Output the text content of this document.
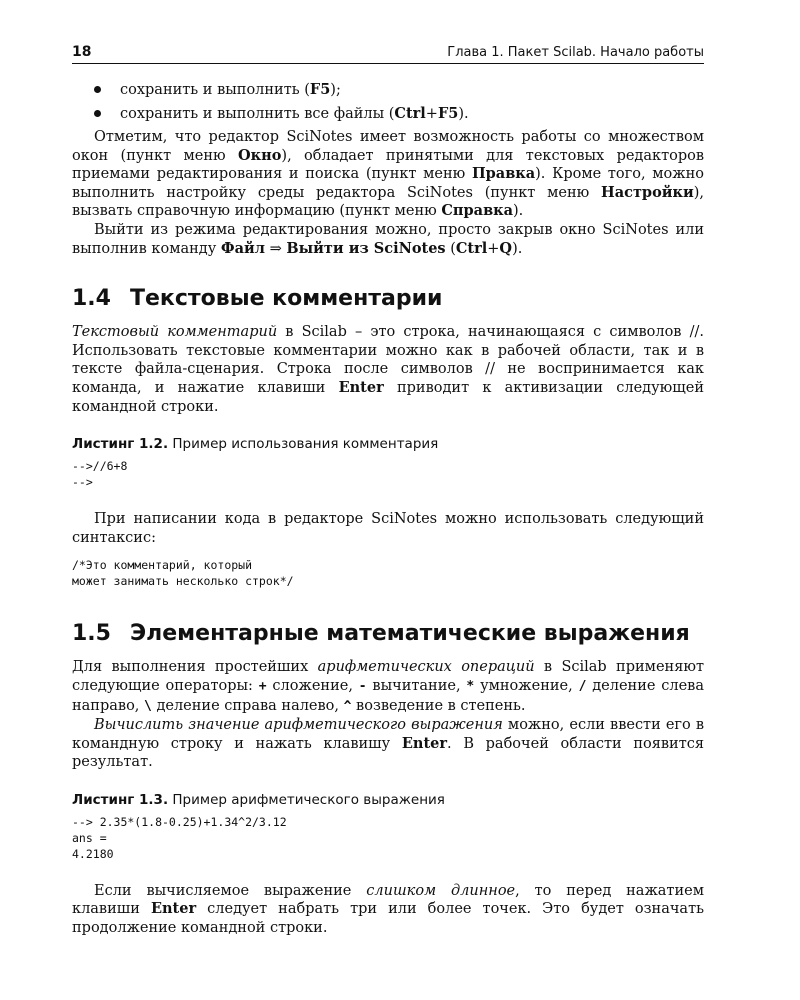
18	Глава 1. Пакет Scilab. Начало работы
сохранить и выполнить (F5);
сохранить и выполнить все файлы (Ctrl+F5).

Отметим, что редактор SciNotes имеет возможность работы со множеством окон (пункт меню Окно), обладает принятыми для текстовых редакторов приемами редактирования и поиска (пункт меню Правка). Кроме того, можно выполнить настройку среды редактора SciNotes (пункт меню Настройки), вызвать справочную информацию (пункт меню Справка).

Выйти из режима редактирования можно, просто закрыв окно SciNotes или выполнив команду Файл ⇒ Выйти из SciNotes (Ctrl+Q).

1.4 Текстовые комментарии

Текстовый комментарий в Scilab – это строка, начинающаяся с символов //. Использовать текстовые комментарии можно как в рабочей области, так и в тексте файла-сценария. Строка после символов // не воспринимается как команда, и нажатие клавиши Enter приводит к активизации следующей командной строки.

Листинг 1.2. Пример использования комментария
-->//6+8
-->

При написании кода в редакторе SciNotes можно использовать следующий синтаксис:

/*Это комментарий, который
может занимать несколько строк*/
1.5 Элементарные математические выражения

Для выполнения простейших арифметических операций в Scilab применяют следующие операторы: + сложение, - вычитание, * умножение, / деление слева направо, \ деление справа налево, ^ возведение в степень.

Вычислить значение арифметического выражения можно, если ввести его в командную строку и нажать клавишу Enter. В рабочей области появится результат.

Листинг 1.3. Пример арифметического выражения
--> 2.35*(1.8-0.25)+1.34^2/3.12
ans =
4.2180

Если вычисляемое выражение слишком длинное, то перед нажатием клавиши Enter следует набрать три или более точек. Это будет означать продолжение командной строки.
